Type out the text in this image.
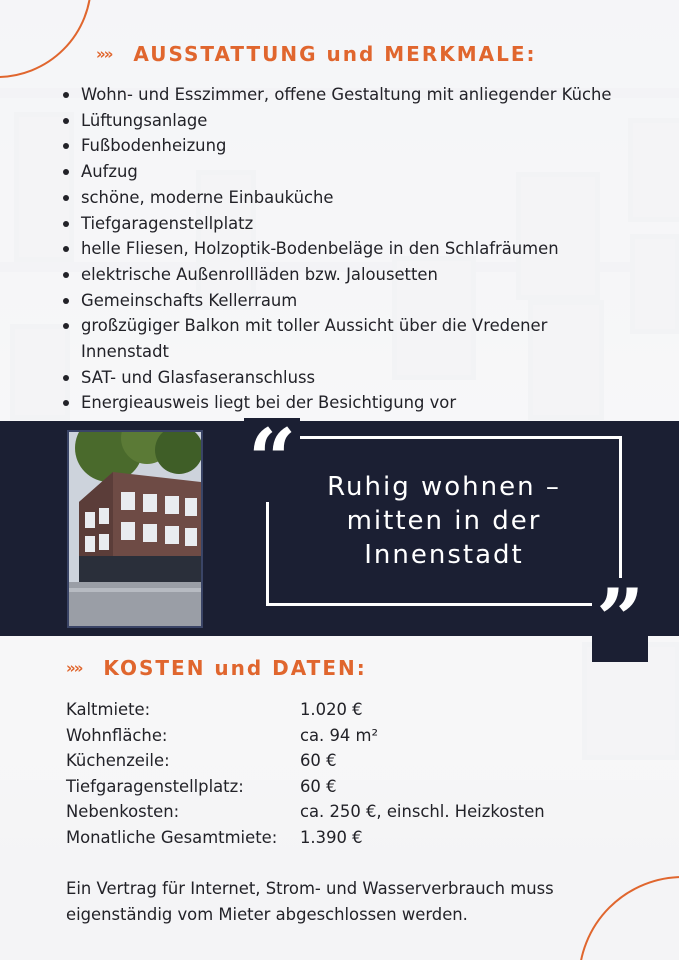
»» AUSSTATTUNG und MERKMALE:
Wohn- und Esszimmer, offene Gestaltung mit anliegender Küche
Lüftungsanlage
Fußbodenheizung
Aufzug
schöne, moderne Einbauküche
Tiefgaragenstellplatz
helle Fliesen, Holzoptik-Bodenbeläge in den Schlafräumen
elektrische Außenrollläden bzw. Jalousetten
Gemeinschafts Kellerraum
großzügiger Balkon mit toller Aussicht über die Vredener Innenstadt
SAT- und Glasfaseranschluss
Energieausweis liegt bei der Besichtigung vor
“
”
Ruhig wohnen –
mitten in der
Innenstadt
»» KOSTEN und DATEN:
Kaltmiete:	1.020 €
Wohnfläche:	ca. 94 m²
Küchenzeile:	60 €
Tiefgaragenstellplatz:	60 €
Nebenkosten:	ca. 250 €, einschl. Heizkosten
Monatliche Gesamtmiete:	1.390 €
Ein Vertrag für Internet, Strom- und Wasserverbrauch muss
eigenständig vom Mieter abgeschlossen werden.
